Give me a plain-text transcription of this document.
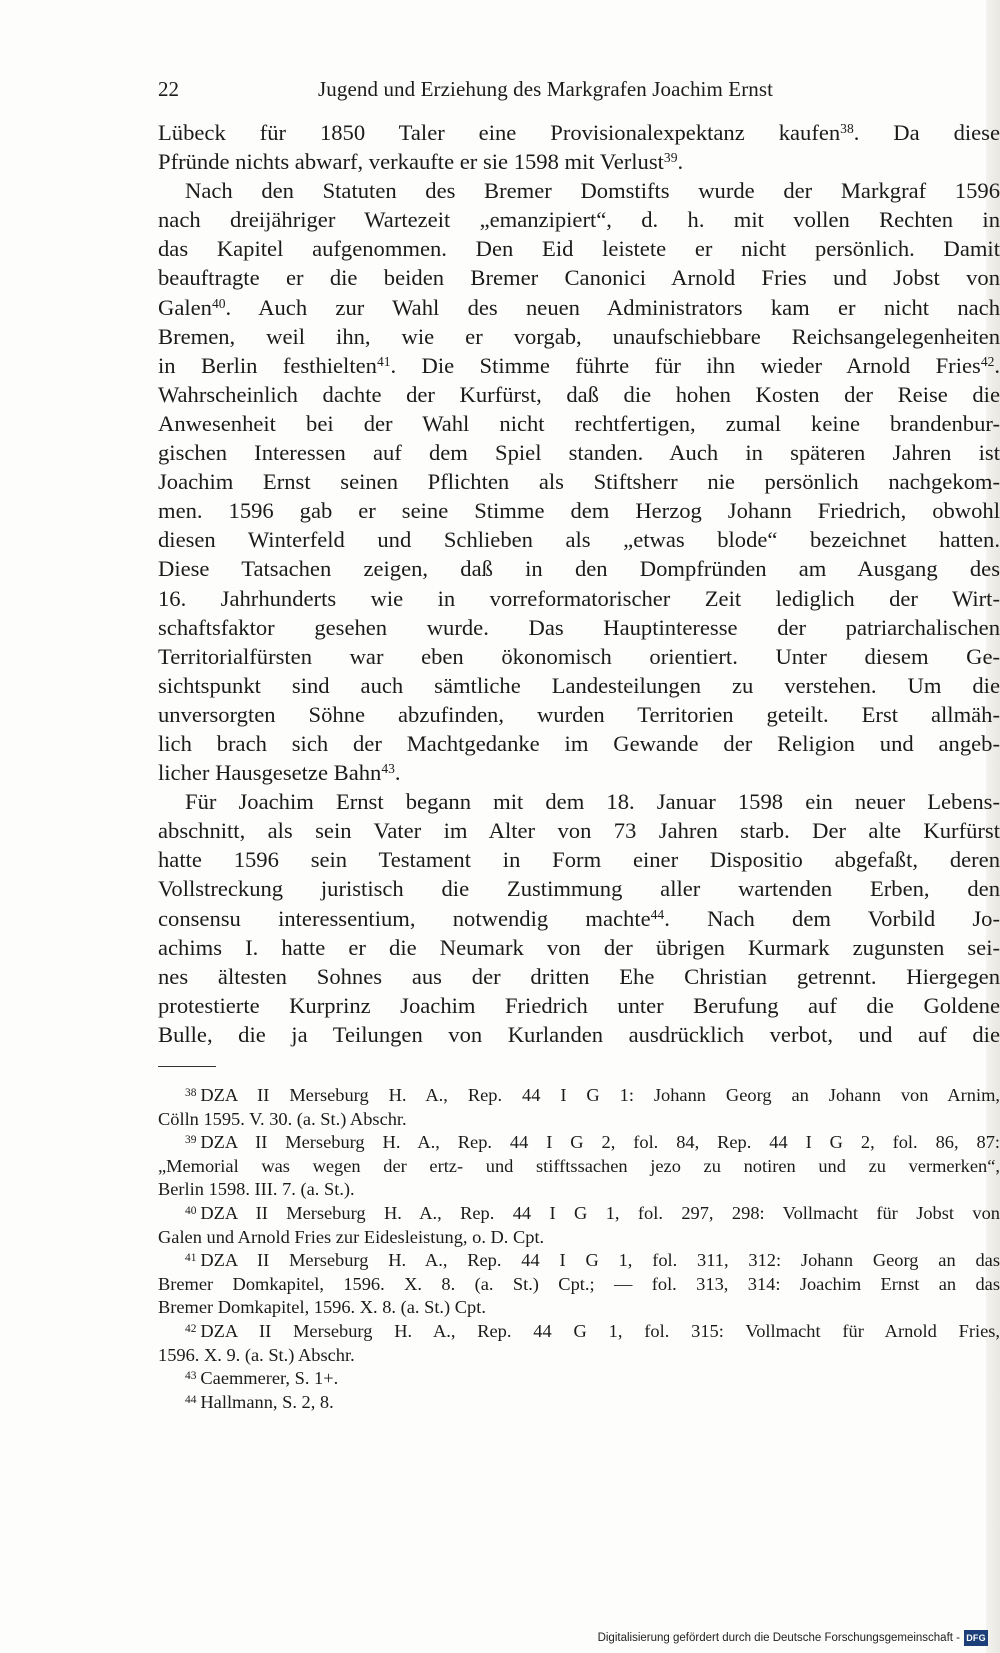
22	Jugend und Erziehung des Markgrafen Joachim Ernst
Lübeck für 1850 Taler eine Provisionalexpektanz kaufen$^{38}$. Da diese
Pfründe nichts abwarf, verkaufte er sie 1598 mit Verlust$^{39}$.
Nach den Statuten des Bremer Domstifts wurde der Markgraf 1596
nach dreijähriger Wartezeit „emanzipiert“, d. h. mit vollen Rechten in
das Kapitel aufgenommen. Den Eid leistete er nicht persönlich. Damit
beauftragte er die beiden Bremer Canonici Arnold Fries und Jobst von
Galen$^{40}$. Auch zur Wahl des neuen Administrators kam er nicht nach
Bremen, weil ihn, wie er vorgab, unaufschiebbare Reichsangelegenheiten
in Berlin festhielten$^{41}$. Die Stimme führte für ihn wieder Arnold Fries$^{42}$.
Wahrscheinlich dachte der Kurfürst, daß die hohen Kosten der Reise die
Anwesenheit bei der Wahl nicht rechtfertigen, zumal keine brandenbur-
gischen Interessen auf dem Spiel standen. Auch in späteren Jahren ist
Joachim Ernst seinen Pflichten als Stiftsherr nie persönlich nachgekom-
men. 1596 gab er seine Stimme dem Herzog Johann Friedrich, obwohl
diesen Winterfeld und Schlieben als „etwas blode“ bezeichnet hatten.
Diese Tatsachen zeigen, daß in den Dompfründen am Ausgang des
16. Jahrhunderts wie in vorreformatorischer Zeit lediglich der Wirt-
schaftsfaktor gesehen wurde. Das Hauptinteresse der patriarchalischen
Territorialfürsten war eben ökonomisch orientiert. Unter diesem Ge-
sichtspunkt sind auch sämtliche Landesteilungen zu verstehen. Um die
unversorgten Söhne abzufinden, wurden Territorien geteilt. Erst allmäh-
lich brach sich der Machtgedanke im Gewande der Religion und angeb-
licher Hausgesetze Bahn$^{43}$.
Für Joachim Ernst begann mit dem 18. Januar 1598 ein neuer Lebens-
abschnitt, als sein Vater im Alter von 73 Jahren starb. Der alte Kurfürst
hatte 1596 sein Testament in Form einer Dispositio abgefaßt, deren
Vollstreckung juristisch die Zustimmung aller wartenden Erben, den
consensu interessentium, notwendig machte$^{44}$. Nach dem Vorbild Jo-
achims I. hatte er die Neumark von der übrigen Kurmark zugunsten sei-
nes ältesten Sohnes aus der dritten Ehe Christian getrennt. Hiergegen
protestierte Kurprinz Joachim Friedrich unter Berufung auf die Goldene
Bulle, die ja Teilungen von Kurlanden ausdrücklich verbot, und auf die
$^{38}$ DZA II Merseburg H. A., Rep. 44 I G 1: Johann Georg an Johann von Arnim,
Cölln 1595. V. 30. (a. St.) Abschr.
$^{39}$ DZA II Merseburg H. A., Rep. 44 I G 2, fol. 84, Rep. 44 I G 2, fol. 86, 87:
„Memorial was wegen der ertz- und stifftssachen jezo zu notiren und zu vermerken“,
Berlin 1598. III. 7. (a. St.).
$^{40}$ DZA II Merseburg H. A., Rep. 44 I G 1, fol. 297, 298: Vollmacht für Jobst von
Galen und Arnold Fries zur Eidesleistung, o. D. Cpt.
$^{41}$ DZA II Merseburg H. A., Rep. 44 I G 1, fol. 311, 312: Johann Georg an das
Bremer Domkapitel, 1596. X. 8. (a. St.) Cpt.; — fol. 313, 314: Joachim Ernst an das
Bremer Domkapitel, 1596. X. 8. (a. St.) Cpt.
$^{42}$ DZA II Merseburg H. A., Rep. 44 G 1, fol. 315: Vollmacht für Arnold Fries,
1596. X. 9. (a. St.) Abschr.
$^{43}$ Caemmerer, S. 1+.
$^{44}$ Hallmann, S. 2, 8.
Digitalisierung gefördert durch die Deutsche Forschungsgemeinschaft - DFG
